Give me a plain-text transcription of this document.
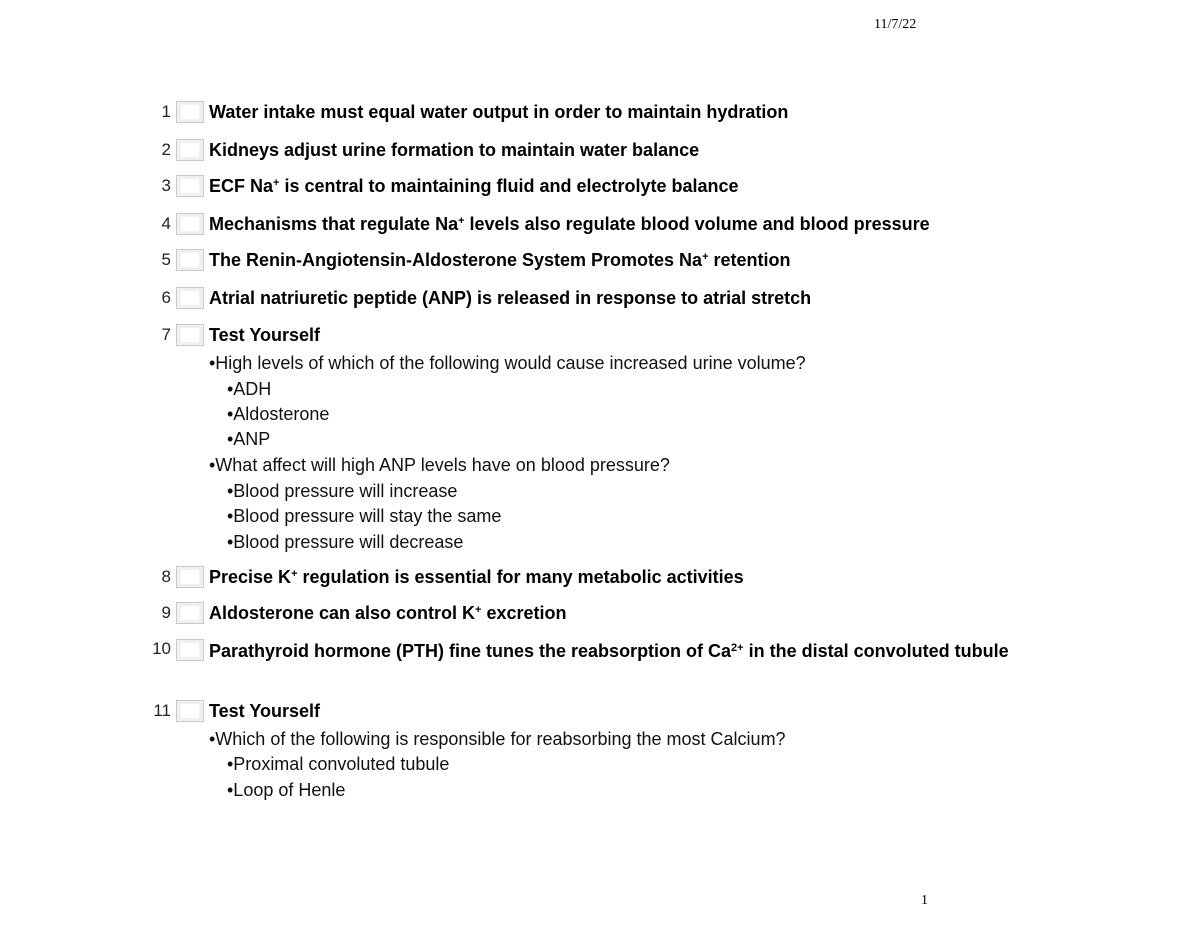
11/7/22
1 Water intake must equal water output in order to maintain hydration
2 Kidneys adjust urine formation to maintain water balance
3 ECF Na+ is central to maintaining fluid and electrolyte balance
4 Mechanisms that regulate Na+ levels also regulate blood volume and blood pressure
5 The Renin-Angiotensin-Aldosterone System Promotes Na+ retention
6 Atrial natriuretic peptide (ANP) is released in response to atrial stretch
7 Test Yourself
•High levels of which of the following would cause increased urine volume?
•ADH
•Aldosterone
•ANP
•What affect will high ANP levels have on blood pressure?
•Blood pressure will increase
•Blood pressure will stay the same
•Blood pressure will decrease
8 Precise K+ regulation is essential for many metabolic activities
9 Aldosterone can also control K+ excretion
10 Parathyroid hormone (PTH) fine tunes the reabsorption of $Ca^{2+}$ in the distal convoluted tubule
11 Test Yourself
•Which of the following is responsible for reabsorbing the most Calcium?
•Proximal convoluted tubule
•Loop of Henle
1
